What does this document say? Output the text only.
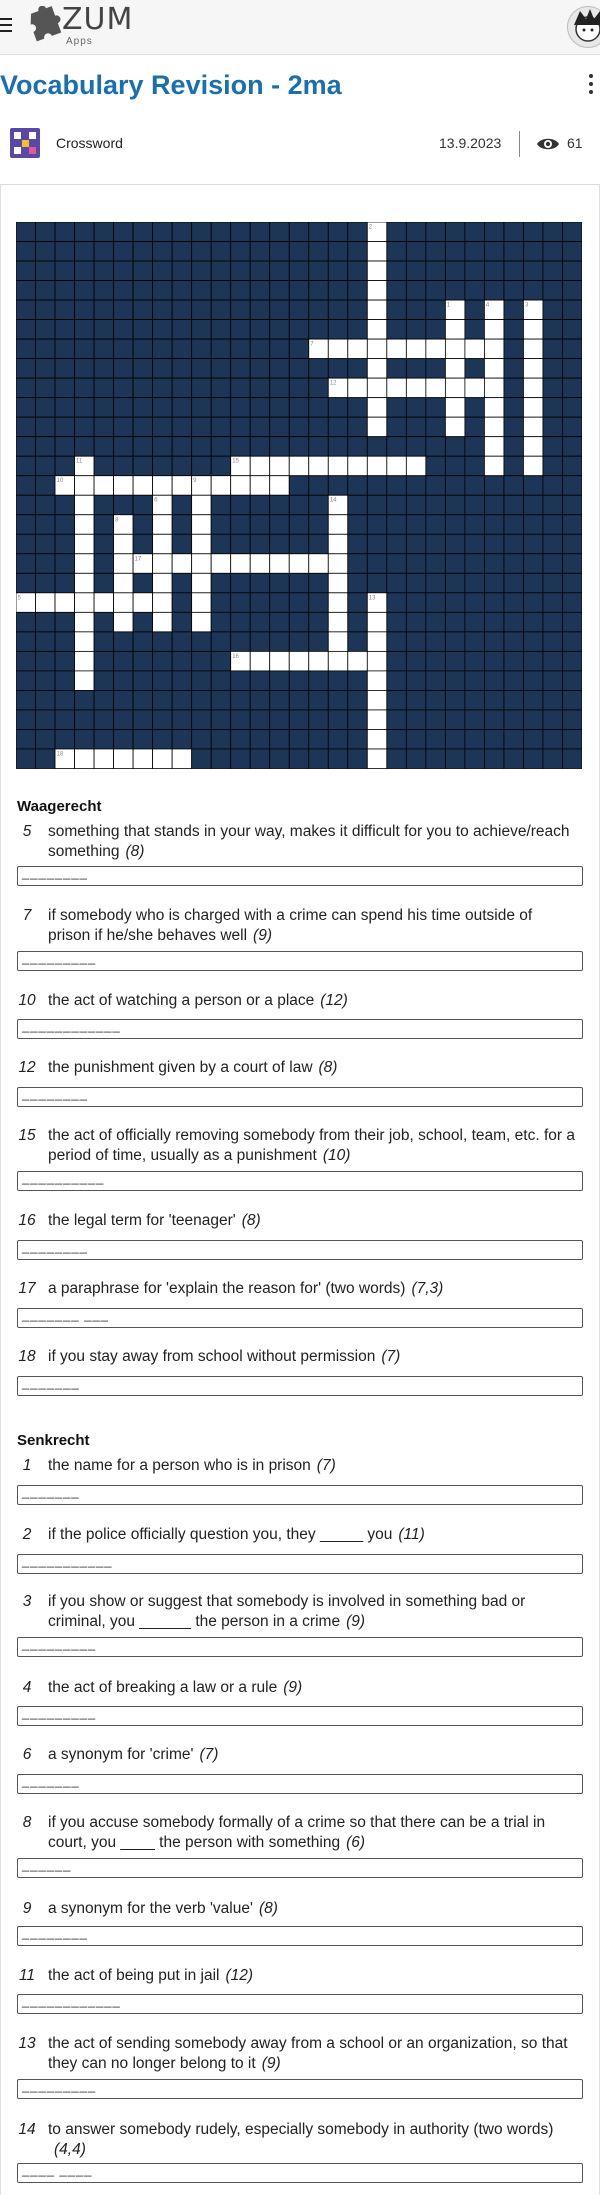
ZUM
Apps
Vocabulary Revision - 2ma
Crossword	13.9.2023	61
2
1	4	3
7
12
11	15
10	9
6	14
8
17
5	13
16
18
Waagerecht
5	something that stands in your way, makes it difficult for you to achieve/reach something (8)
________
7	if somebody who is charged with a crime can spend his time outside of prison if he/she behaves well (9)
_________
10 the act of watching a person or a place (12)
____________
12 the punishment given by a court of law (8)
________
15 the act of officially removing somebody from their job, school, team, etc. for a period of time, usually as a punishment (10)
__________
16 the legal term for 'teenager' (8)
________
17 a paraphrase for 'explain the reason for' (two words) (7,3)
_______ ___
18 if you stay away from school without permission (7)
_______
Senkrecht
1	the name for a person who is in prison (7)
_______
2	if the police officially question you, they _____ you (11)
___________
3	if you show or suggest that somebody is involved in something bad or criminal, you ______ the person in a crime (9)
_________
4	the act of breaking a law or a rule (9)
_________
6	a synonym for 'crime' (7)
_______
8	if you accuse somebody formally of a crime so that there can be a trial in court, you ____ the person with something (6)
______
9	a synonym for the verb 'value' (8)
________
11 the act of being put in jail (12)
____________
13 the act of sending somebody away from a school or an organization, so that they can no longer belong to it (9)
_________
14 to answer somebody rudely, especially somebody in authority (two words)(4,4)
____ ____
